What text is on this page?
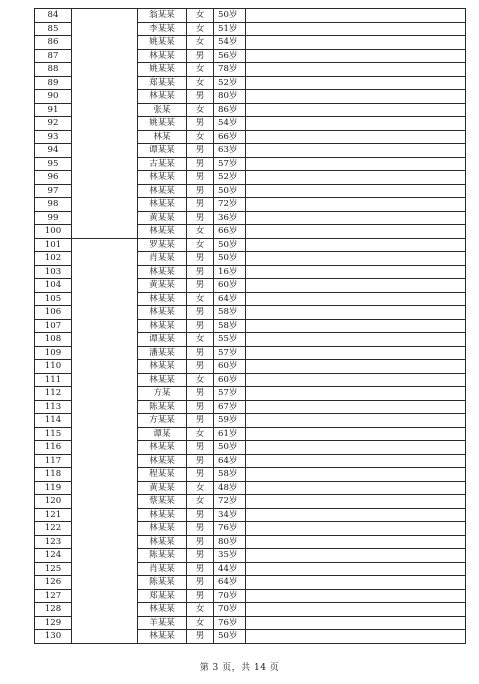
84		翁某某	女	50岁	
85		李某某	女	51岁	
86		姚某某	女	54岁	
87		林某某	男	56岁	
88		姚某某	女	78岁	
89		郑某某	女	52岁	
90		林某某	男	80岁	
91		张某	女	86岁	
92		姚某某	男	54岁	
93		林某	女	66岁	
94		谭某某	男	63岁	
95		古某某	男	57岁	
96		林某某	男	52岁	
97		林某某	男	50岁	
98		林某某	男	72岁	
99		黄某某	男	36岁	
100		林某某	女	66岁	
101		罗某某	女	50岁	
102		肖某某	男	50岁	
103		林某某	男	16岁	
104		黄某某	男	60岁	
105		林某某	女	64岁	
106		林某某	男	58岁	
107		林某某	男	58岁	
108		谭某某	女	55岁	
109		潘某某	男	57岁	
110		林某某	男	60岁	
111		林某某	女	60岁	
112		方某	男	57岁	
113		陈某某	男	67岁	
114		方某某	男	59岁	
115		谭某	女	61岁	
116		林某某	男	50岁	
117		林某某	男	64岁	
118		程某某	男	58岁	
119		黄某某	女	48岁	
120		蔡某某	女	72岁	
121		林某某	男	34岁	
122		林某某	男	76岁	
123		林某某	男	80岁	
124		陈某某	男	35岁	
125		肖某某	男	44岁	
126		陈某某	男	64岁	
127		郑某某	男	70岁	
128		林某某	女	70岁	
129		羊某某	女	76岁	
130		林某某	男	50岁	
第 3 页，共 14 页
